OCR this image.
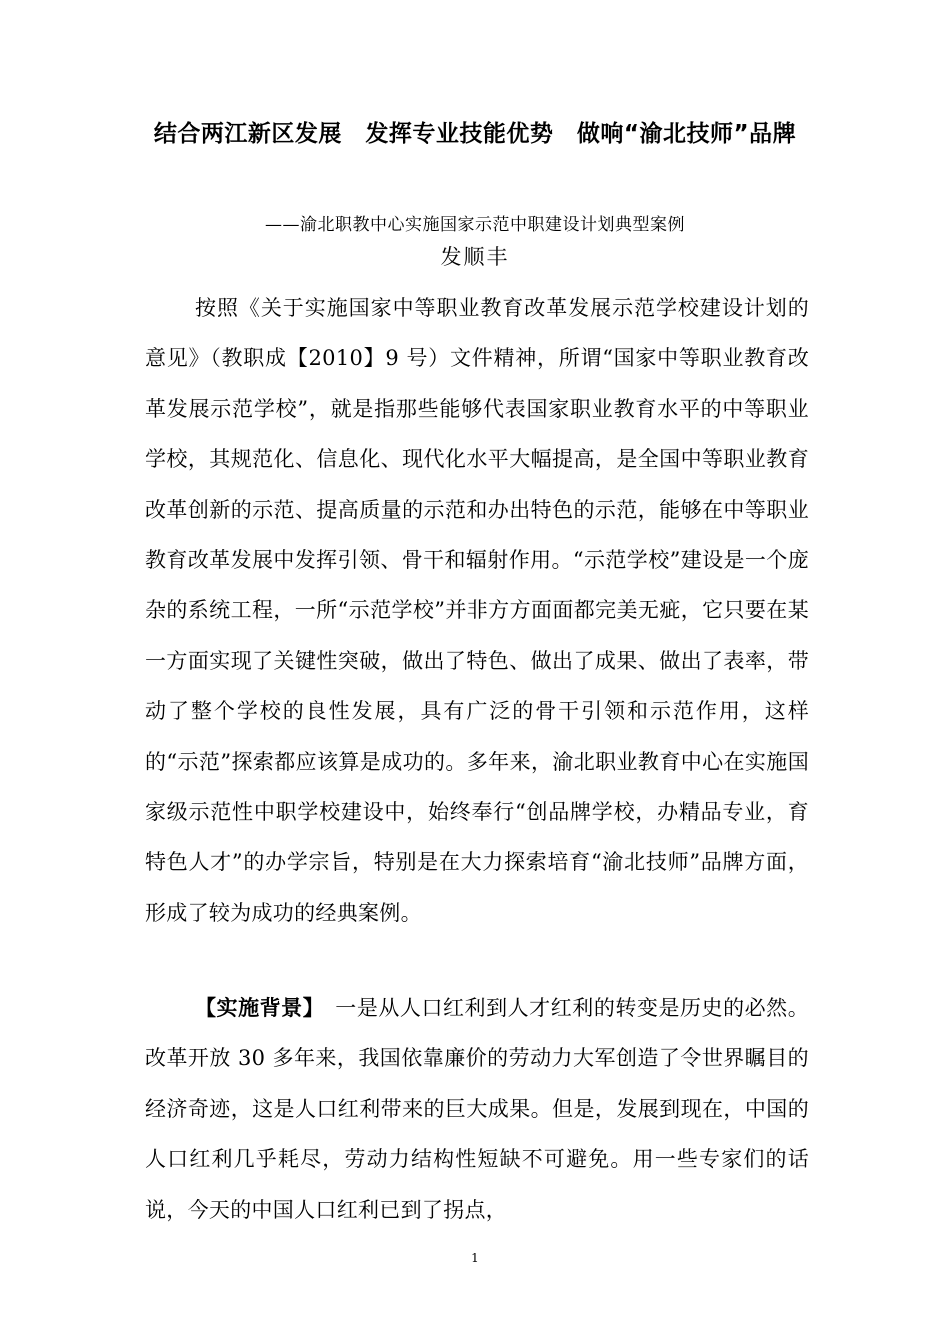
结合两江新区发展　发挥专业技能优势　做响“渝北技师”品牌
——渝北职教中心实施国家示范中职建设计划典型案例
发顺丰

按照《关于实施国家中等职业教育改革发展示范学校建设计划的意见》（教职成【2010】9 号）文件精神，所谓“国家中等职业教育改革发展示范学校”，就是指那些能够代表国家职业教育水平的中等职业学校，其规范化、信息化、现代化水平大幅提高，是全国中等职业教育改革创新的示范、提高质量的示范和办出特色的示范，能够在中等职业教育改革发展中发挥引领、骨干和辐射作用。“示范学校”建设是一个庞杂的系统工程，一所“示范学校”并非方方面面都完美无疵，它只要在某一方面实现了关键性突破，做出了特色、做出了成果、做出了表率，带动了整个学校的良性发展，具有广泛的骨干引领和示范作用，这样的“示范”探索都应该算是成功的。多年来，渝北职业教育中心在实施国家级示范性中职学校建设中，始终奉行“创品牌学校，办精品专业，育特色人才”的办学宗旨，特别是在大力探索培育“渝北技师”品牌方面，形成了较为成功的经典案例。

【实施背景】　一是从人口红利到人才红利的转变是历史的必然。改革开放 30 多年来，我国依靠廉价的劳动力大军创造了令世界瞩目的经济奇迹，这是人口红利带来的巨大成果。但是，发展到现在，中国的人口红利几乎耗尽，劳动力结构性短缺不可避免。用一些专家们的话说，今天的中国人口红利已到了拐点，

1
